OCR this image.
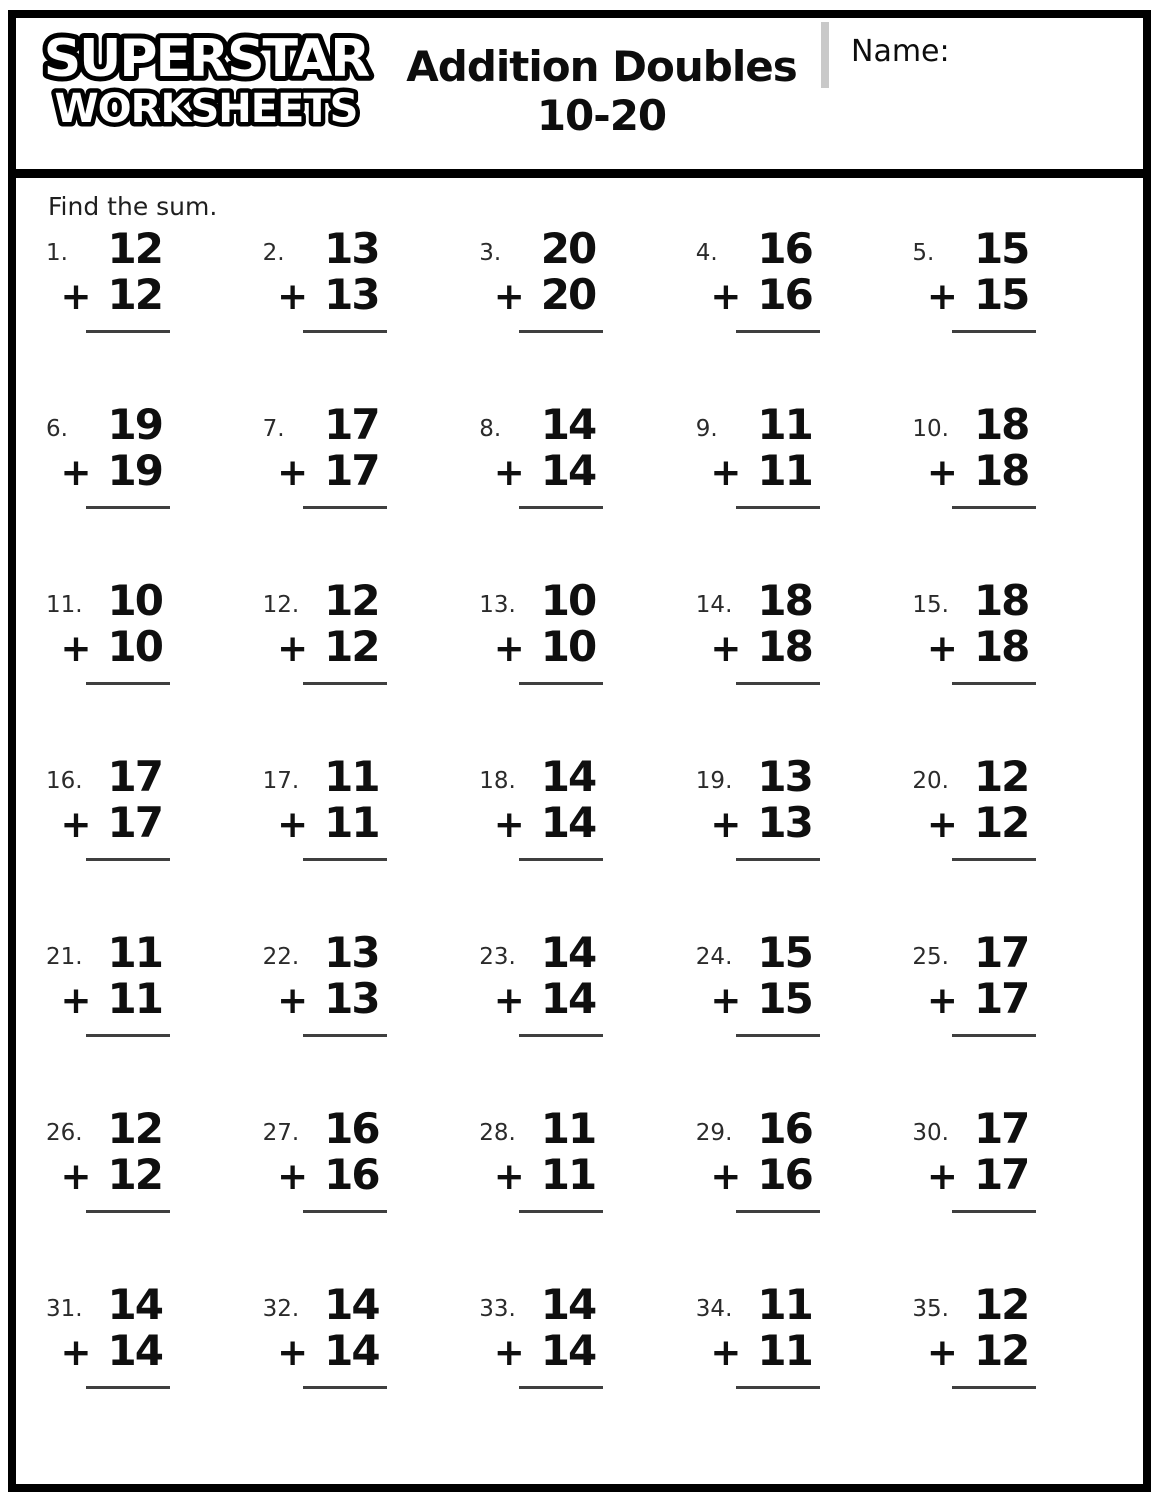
SUPERSTAR
WORKSHEETS
Addition Doubles
10-20
Name:
Find the sum.
1. 12
+ 12
2. 13
+ 13
3. 20
+ 20
4. 16
+ 16
5. 15
+ 15
6. 19
+ 19
7. 17
+ 17
8. 14
+ 14
9. 11
+ 11
10. 18
+ 18
11. 10
+ 10
12. 12
+ 12
13. 10
+ 10
14. 18
+ 18
15. 18
+ 18
16. 17
+ 17
17. 11
+ 11
18. 14
+ 14
19. 13
+ 13
20. 12
+ 12
21. 11
+ 11
22. 13
+ 13
23. 14
+ 14
24. 15
+ 15
25. 17
+ 17
26. 12
+ 12
27. 16
+ 16
28. 11
+ 11
29. 16
+ 16
30. 17
+ 17
31. 14
+ 14
32. 14
+ 14
33. 14
+ 14
34. 11
+ 11
35. 12
+ 12
